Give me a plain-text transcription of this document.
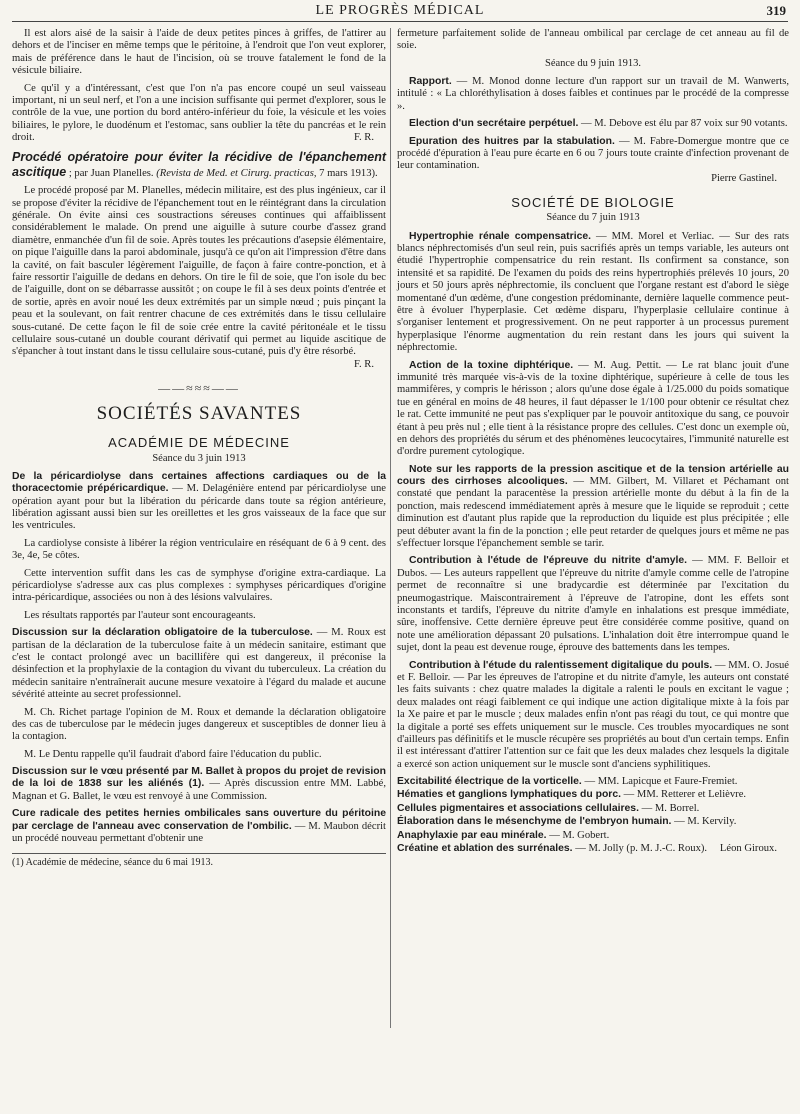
LE PROGRÈS MÉDICAL	319

Il est alors aisé de la saisir à l'aide de deux petites pinces à griffes, de l'attirer au dehors et de l'inciser en même temps que le péritoine, à l'endroit que l'on veut explorer, mais de préférence dans le haut de l'incision, où se trouve fatalement le fond de la vésicule biliaire.

Ce qu'il y a d'intéressant, c'est que l'on n'a pas encore coupé un seul vaisseau important, ni un seul nerf, et l'on a une incision suffisante qui permet d'explorer, sous le contrôle de la vue, une portion du bord antéro-inférieur du foie, la vésicule et les voies biliaires, le pylore, le duodénum et l'estomac, sans oublier la tête du pancréas et le rein droit.	F. R.

Procédé opératoire pour éviter la récidive de l'épanchement ascitique ; par Juan Planelles. (Revista de Med. et Cirurg. practicas, 7 mars 1913).

Le procédé proposé par M. Planelles, médecin militaire, est des plus ingénieux, car il se propose d'éviter la récidive de l'épanchement tout en le réintégrant dans la circulation générale. On évite ainsi ces soustractions séreuses continues qui affaiblissent considérablement le malade. On prend une aiguille à suture courbe d'assez grand diamètre, enmanchée d'un fil de soie. Après toutes les précautions d'asepsie élémentaire, on pique l'aiguille dans la paroi abdominale, jusqu'à ce qu'on ait l'impression d'être dans la cavité, on fait basculer légèrement l'aiguille, de façon à faire contre-ponction, et à faire ressortir l'aiguille de dedans en dehors. On tire le fil de soie, que l'on isole du bec de l'aiguille, dont on se débarrasse aussitôt ; on coupe le fil à ses deux points d'entrée et de sortie, après en avoir noué les deux extrémités par un simple nœud ; puis pinçant la peau et la soulevant, on fait rentrer chacune de ces extrémités dans le tissu cellulaire sous-cutané. De cette façon le fil de soie crée entre la cavité péritonéale et le tissu cellulaire sous-cutané un double courant dérivatif qui permet au liquide ascitique de s'épancher à tout instant dans le tissu cellulaire sous-cutané, puis d'y être résorbé.
F. R.

——≈≈≈——
SOCIÉTÉS SAVANTES
ACADÉMIE DE MÉDECINE
Séance du 3 juin 1913

De la péricardiolyse dans certaines affections cardiaques ou de la thoracectomie prépéricardique. — M. Delagénière entend par péricardiolyse une opération ayant pour but la libération du péricarde dans toute sa région antérieure, libération agissant aussi bien sur les oreillettes et les gros vaisseaux de la face que sur les ventricules.

La cardiolyse consiste à libérer la région ventriculaire en réséquant de 6 à 9 cent. des 3e, 4e, 5e côtes.

Cette intervention suffit dans les cas de symphyse d'origine extra-cardiaque. La péricardiolyse s'adresse aux cas plus complexes : symphyses péricardiques d'origine intra-péricardique, associées ou non à des lésions valvulaires.

Les résultats rapportés par l'auteur sont encourageants.

Discussion sur la déclaration obligatoire de la tuberculose. — M. Roux est partisan de la déclaration de la tuberculose faite à un médecin sanitaire, estimant que c'est le contact prolongé avec un bacillifère qui est dangereux, il préconise la désinfection et la prophylaxie de la contagion du vivant du tuberculeux. La création du médecin sanitaire n'entraînerait aucune mesure vexatoire à l'égard du malade et aucune sévérité atteinte au secret professionnel.

M. Ch. Richet partage l'opinion de M. Roux et demande la déclaration obligatoire des cas de tuberculose par le médecin juges dangereux et susceptibles de donner lieu à la contagion.

M. Le Dentu rappelle qu'il faudrait d'abord faire l'éducation du public.

Discussion sur le vœu présenté par M. Ballet à propos du projet de revision de la loi de 1838 sur les aliénés (1). — Après discussion entre MM. Labbé, Magnan et G. Ballet, le vœu est renvoyé à une Commission.

Cure radicale des petites hernies ombilicales sans ouverture du péritoine par cerclage de l'anneau avec conservation de l'ombilic. — M. Maubon décrit un procédé nouveau permettant d'obtenir une

(1) Académie de médecine, séance du 6 mai 1913.

fermeture parfaitement solide de l'anneau ombilical par cerclage de cet anneau au fil de soie.

Séance du 9 juin 1913.

Rapport. — M. Monod donne lecture d'un rapport sur un travail de M. Wanwerts, intitulé : « La chloréthylisation à doses faibles et continues par le procédé de la compresse ».

Election d'un secrétaire perpétuel. — M. Debove est élu par 87 voix sur 90 votants.

Epuration des huitres par la stabulation. — M. Fabre-Domergue montre que ce procédé d'épuration à l'eau pure écarte en 6 ou 7 jours toute crainte d'infection provenant de leur contamination.

Pierre Gastinel.

SOCIÉTÉ DE BIOLOGIE
Séance du 7 juin 1913

Hypertrophie rénale compensatrice. — MM. Morel et Verliac. — Sur des rats blancs néphrectomisés d'un seul rein, puis sacrifiés après un temps variable, les auteurs ont étudié l'hypertrophie compensatrice du rein restant. Ils confirment sa constance, son intensité et sa rapidité. De l'examen du poids des reins hypertrophiés prélevés 10 jours, 20 jours et 50 jours après néphrectomie, ils concluent que l'organe restant est d'abord le siège momentané d'un œdème, d'une congestion prédominante, dernière laquelle commence peut-être à évoluer l'hyperplasie. Cet œdème disparu, l'hyperplasie cellulaire continue à s'organiser lentement et progressivement. On ne peut rapporter à un processus purement hyperplasique l'énorme augmentation du rein restant dans les jours qui suivent la néphrectomie.

Action de la toxine diphtérique. — M. Aug. Pettit. — Le rat blanc jouit d'une immunité très marquée vis-à-vis de la toxine diphtérique, supérieure à celle de tous les mammifères, y compris le hérisson ; alors qu'une dose égale à 1/25.000 du poids somatique tue en général en moins de 48 heures, il faut dépasser le 1/100 pour obtenir ce résultat chez le rat. Cette immunité ne peut pas s'expliquer par le pouvoir antitoxique du sang, ce pouvoir étant à peu près nul ; elle tient à la résistance propre des cellules. C'est donc un exemple où, en dehors des propriétés du sérum et des phénomènes leucocytaires, l'immunité naturelle est d'ordre purement cytologique.

Note sur les rapports de la pression ascitique et de la tension artérielle au cours des cirrhoses alcooliques. — MM. Gilbert, M. Villaret et Péchamant ont constaté que pendant la paracentèse la pression artérielle monte du début à la fin de la ponction, mais redescend immédiatement après à mesure que le liquide se reproduit ; cette diminution est d'autant plus rapide que la reproduction du liquide est plus précipitée ; elle peut débuter avant la fin de la ponction ; elle peut retarder de quelques jours et même ne pas s'effectuer lorsque l'épanchement semble se tarir.

Contribution à l'étude de l'épreuve du nitrite d'amyle. — MM. F. Belloir et Dubos. — Les auteurs rappellent que l'épreuve du nitrite d'amyle comme celle de l'atropine permet de reconnaître si une bradycardie est déterminée par l'excitation du pneumogastrique. Maiscontrairement à l'épreuve de l'atropine, dont les effets sont inconstants et tardifs, l'épreuve du nitrite d'amyle en inhalations est presque immédiate, sûre, inoffensive. Cette dernière épreuve peut être considérée comme positive, quand on note une amélioration dépassant 20 pulsations. L'inhalation doit être interrompue quand le sujet, dont la peau est devenue rouge, éprouve des battements dans les tempes.

Contribution à l'étude du ralentissement digitalique du pouls. — MM. O. Josué et F. Belloir. — Par les épreuves de l'atropine et du nitrite d'amyle, les auteurs ont constaté les faits suivants : chez quatre malades la digitale a ralenti le pouls en excitant le vague ; deux malades ont réagi faiblement ce qui indique une action digitalique mixte à la fois par la Xe paire et par le muscle ; deux malades enfin n'ont pas réagi du tout, ce qui montre que la digitale a porté ses effets uniquement sur le muscle. Ces troubles myocardiques ne sont d'ailleurs pas définitifs et le muscle récupère ses propriétés au bout d'un certain temps. Enfin il est intéressant d'attirer l'attention sur ce fait que les deux malades chez lesquels la digitale a exercé son action uniquement sur le muscle sont d'anciens syphilitiques.

Excitabilité électrique de la vorticelle. — MM. Lapicque et Faure-Fremiet.

Hématies et ganglions lymphatiques du porc. — MM. Retterer et Lelièvre.

Cellules pigmentaires et associations cellulaires. — M. Borrel.

Élaboration dans le mésenchyme de l'embryon humain. — M. Kervily.

Anaphylaxie par eau minérale. — M. Gobert.

Créatine et ablation des surrénales. — M. Jolly (p. M. J.-C. Roux). Léon Giroux.
